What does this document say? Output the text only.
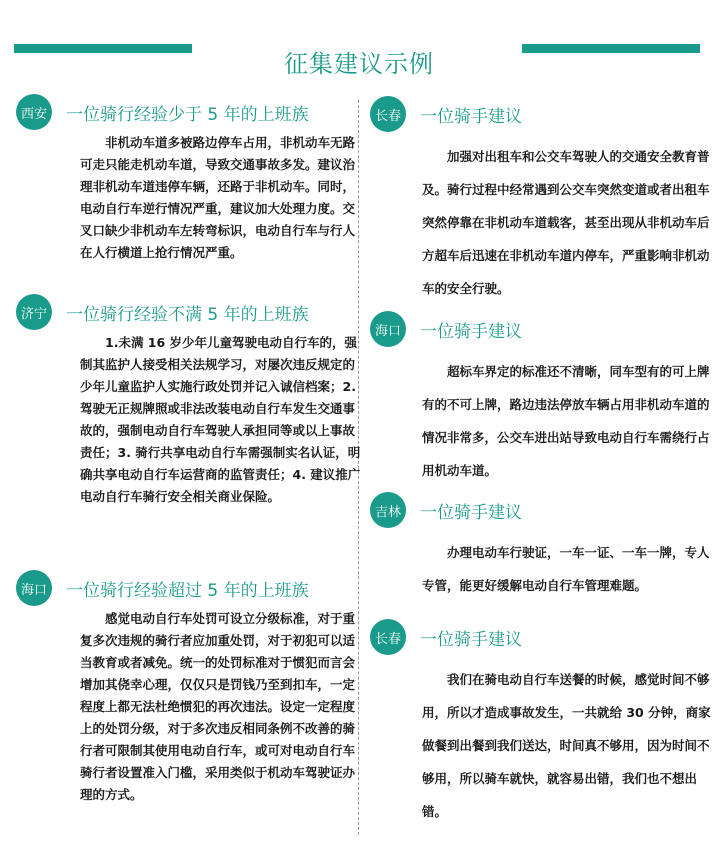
征集建议示例
西安 一位骑行经验少于 5 年的上班族

非机动车道多被路边停车占用，非机动车无路可走只能走机动车道，导致交通事故多发。建议治理非机动车道违停车辆，还路于非机动车。同时，电动自行车逆行情况严重，建议加大处理力度。交叉口缺少非机动车左转弯标识，电动自行车与行人在人行横道上抢行情况严重。

济宁 一位骑行经验不满 5 年的上班族

1.未满 16 岁少年儿童驾驶电动自行车的，强制其监护人接受相关法规学习，对屡次违反规定的少年儿童监护人实施行政处罚并记入诚信档案；2. 驾驶无正规牌照或非法改装电动自行车发生交通事故的，强制电动自行车驾驶人承担同等或以上事故责任；3. 骑行共享电动自行车需强制实名认证，明确共享电动自行车运营商的监管责任；4. 建议推广电动自行车骑行安全相关商业保险。

海口 一位骑行经验超过 5 年的上班族

感觉电动自行车处罚可设立分级标准，对于重复多次违规的骑行者应加重处罚，对于初犯可以适当教育或者减免。统一的处罚标准对于惯犯而言会增加其侥幸心理，仅仅只是罚钱乃至到扣车，一定程度上都无法杜绝惯犯的再次违法。设定一定程度上的处罚分级，对于多次违反相同条例不改善的骑行者可限制其使用电动自行车，或可对电动自行车骑行者设置准入门槛，采用类似于机动车驾驶证办理的方式。

长春 一位骑手建议

加强对出租车和公交车驾驶人的交通安全教育普及。骑行过程中经常遇到公交车突然变道或者出租车突然停靠在非机动车道载客，甚至出现从非机动车后方超车后迅速在非机动车道内停车，严重影响非机动车的安全行驶。

海口 一位骑手建议

超标车界定的标准还不清晰，同车型有的可上牌有的不可上牌，路边违法停放车辆占用非机动车道的情况非常多，公交车进出站导致电动自行车需绕行占用机动车道。

吉林 一位骑手建议

办理电动车行驶证，一车一证、一车一牌，专人专管，能更好缓解电动自行车管理难题。

长春 一位骑手建议

我们在骑电动自行车送餐的时候，感觉时间不够用，所以才造成事故发生，一共就给 30 分钟，商家做餐到出餐到我们送达，时间真不够用，因为时间不够用，所以骑车就快，就容易出错，我们也不想出错。
